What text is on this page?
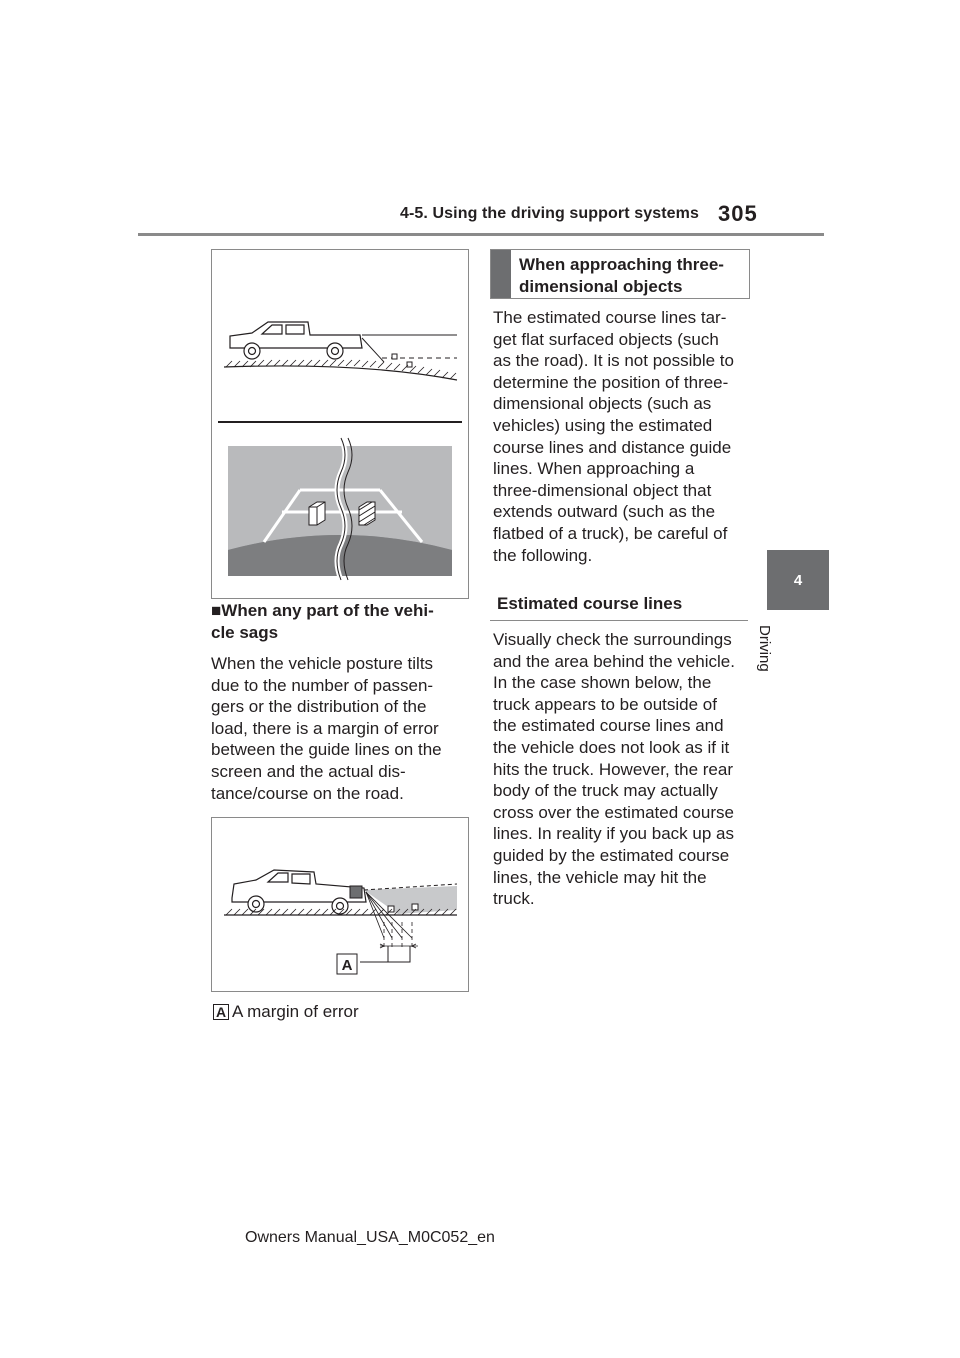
4-5. Using the driving support systems 305
4
Driving
■When any part of the vehi-
cle sags
When the vehicle posture tilts
due to the number of passen-
gers or the distribution of the
load, there is a margin of error
between the guide lines on the
screen and the actual dis-
tance/course on the road.
A
A A margin of error
When approaching three-
dimensional objects
The estimated course lines tar-
get flat surfaced objects (such
as the road). It is not possible to
determine the position of three-
dimensional objects (such as
vehicles) using the estimated
course lines and distance guide
lines. When approaching a
three-dimensional object that
extends outward (such as the
flatbed of a truck), be careful of
the following.
Estimated course lines
Visually check the surroundings
and the area behind the vehicle.
In the case shown below, the
truck appears to be outside of
the estimated course lines and
the vehicle does not look as if it
hits the truck. However, the rear
body of the truck may actually
cross over the estimated course
lines. In reality if you back up as
guided by the estimated course
lines, the vehicle may hit the
truck.
Owners Manual_USA_M0C052_en
